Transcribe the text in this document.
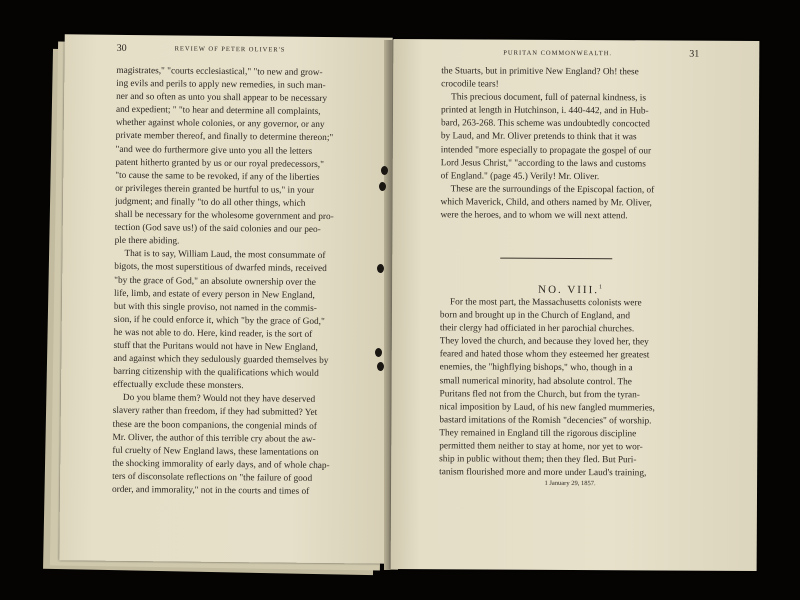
30	REVIEW OF PETER OLIVER'S
magistrates," "courts ecclesiastical," "to new and grow-
ing evils and perils to apply new remedies, in such man-
ner and so often as unto you shall appear to be necessary
and expedient; " "to hear and determine all complaints,
whether against whole colonies, or any governor, or any
private member thereof, and finally to determine thereon;"
"and wee do furthermore give unto you all the letters
patent hitherto granted by us or our royal predecessors,"
"to cause the same to be revoked, if any of the liberties
or privileges therein granted be hurtful to us," in your
judgment; and finally "to do all other things, which
shall be necessary for the wholesome government and pro-
tection (God save us!) of the said colonies and our peo-
ple there abiding.
That is to say, William Laud, the most consummate of
bigots, the most superstitious of dwarfed minds, received
"by the grace of God," an absolute ownership over the
life, limb, and estate of every person in New England,
but with this single proviso, not named in the commis-
sion, if he could enforce it, which "by the grace of God,"
he was not able to do. Here, kind reader, is the sort of
stuff that the Puritans would not have in New England,
and against which they sedulously guarded themselves by
barring citizenship with the qualifications which would
effectually exclude these monsters.
Do you blame them? Would not they have deserved
slavery rather than freedom, if they had submitted? Yet
these are the boon companions, the congenial minds of
Mr. Oliver, the author of this terrible cry about the aw-
ful cruelty of New England laws, these lamentations on
the shocking immorality of early days, and of whole chap-
ters of disconsolate reflections on "the failure of good
order, and immorality," not in the courts and times of
PURITAN COMMONWEALTH.	31
the Stuarts, but in primitive New England? Oh! these
crocodile tears!
This precious document, full of paternal kindness, is
printed at length in Hutchinson, i. 440-442, and in Hub-
bard, 263-268. This scheme was undoubtedly concocted
by Laud, and Mr. Oliver pretends to think that it was
intended "more especially to propagate the gospel of our
Lord Jesus Christ," "according to the laws and customs
of England." (page 45.) Verily! Mr. Oliver.
These are the surroundings of the Episcopal faction, of
which Maverick, Child, and others named by Mr. Oliver,
were the heroes, and to whom we will next attend.
NO. VIII.$^1$
For the most part, the Massachusetts colonists were
born and brought up in the Church of England, and
their clergy had officiated in her parochial churches.
They loved the church, and because they loved her, they
feared and hated those whom they esteemed her greatest
enemies, the "highflying bishops," who, though in a
small numerical minority, had absolute control. The
Puritans fled not from the Church, but from the tyran-
nical imposition by Laud, of his new fangled mummeries,
bastard imitations of the Romish "decencies" of worship.
They remained in England till the rigorous discipline
permitted them neither to stay at home, nor yet to wor-
ship in public without them; then they fled. But Puri-
tanism flourished more and more under Laud's training,
1 January 29, 1857.
